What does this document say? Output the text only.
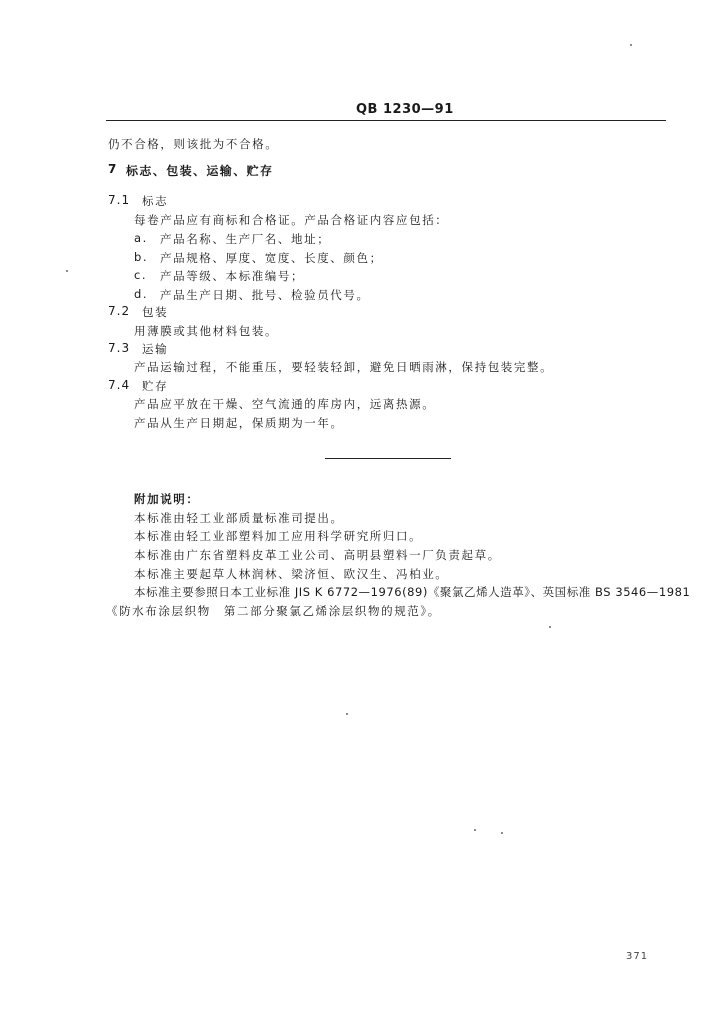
QB 1230—91
仍不合格，则该批为不合格。
7 标志、包装、运输、贮存
7.1 标志
每卷产品应有商标和合格证。产品合格证内容应包括：
a. 产品名称、生产厂名、地址；
b. 产品规格、厚度、宽度、长度、颜色；
c. 产品等级、本标准编号；
d. 产品生产日期、批号、检验员代号。
7.2 包装
用薄膜或其他材料包装。
7.3 运输
产品运输过程，不能重压，要轻装轻卸，避免日晒雨淋，保持包装完整。
7.4 贮存
产品应平放在干燥、空气流通的库房内，远离热源。
产品从生产日期起，保质期为一年。
附加说明：
本标准由轻工业部质量标准司提出。
本标准由轻工业部塑料加工应用科学研究所归口。
本标准由广东省塑料皮革工业公司、高明县塑料一厂负责起草。
本标准主要起草人林润林、梁济恒、欧汉生、冯柏业。
本标准主要参照日本工业标准 JIS K 6772—1976(89)《聚氯乙烯人造革》、英国标准 BS 3546—1981
《防水布涂层织物　第二部分聚氯乙烯涂层织物的规范》。
371
